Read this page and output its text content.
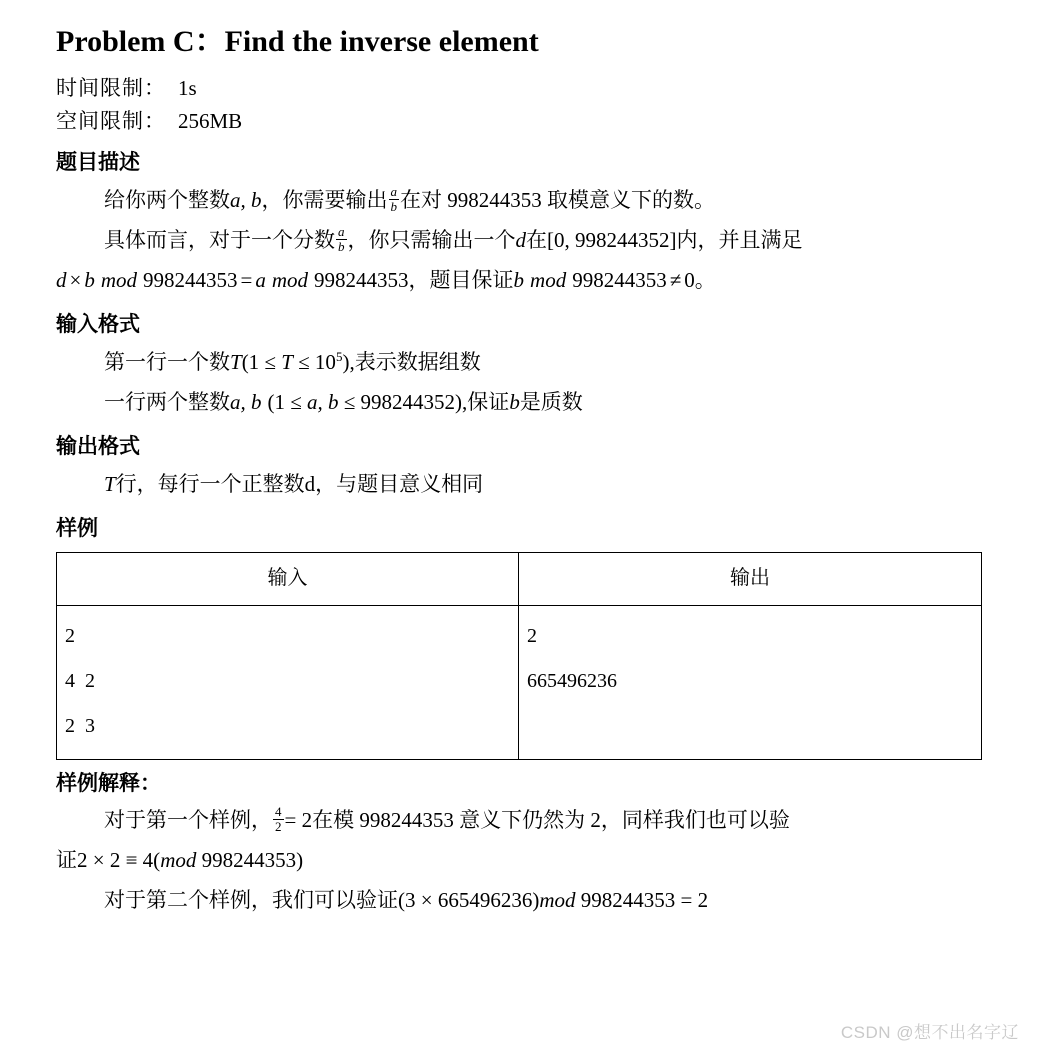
Problem C：Find the inverse element

时间限制： 1s

空间限制： 256MB

题目描述

给你两个整数a, b，你需要输出 $\frac{a}{b}$ 在对 998244353 取模意义下的数。

具体而言，对于一个分数 $\frac{a}{b}$ ，你只需输出一个d在[0, 998244352]内，并且满足

d × b mod 998244353 = a mod 998244353，题目保证b mod 998244353 ≠ 0。

输入格式

第一行一个数$T(1 \le T \le 10^5)$,表示数据组数

一行两个整数a, b (1 ≤ a, b ≤ 998244352),保证b是质数

输出格式

T行，每行一个正整数d，与题目意义相同

样例
输入	输出

2
4  2
2  3

2
665496236
样例解释：

对于第一个样例， $\frac{4}{2} = 2$在模 998244353 意义下仍然为 2，同样我们也可以验

证2 × 2 ≡ 4(mod 998244353)

对于第二个样例，我们可以验证(3 × 665496236)mod 998244353 = 2

CSDN @想不出名字辽
